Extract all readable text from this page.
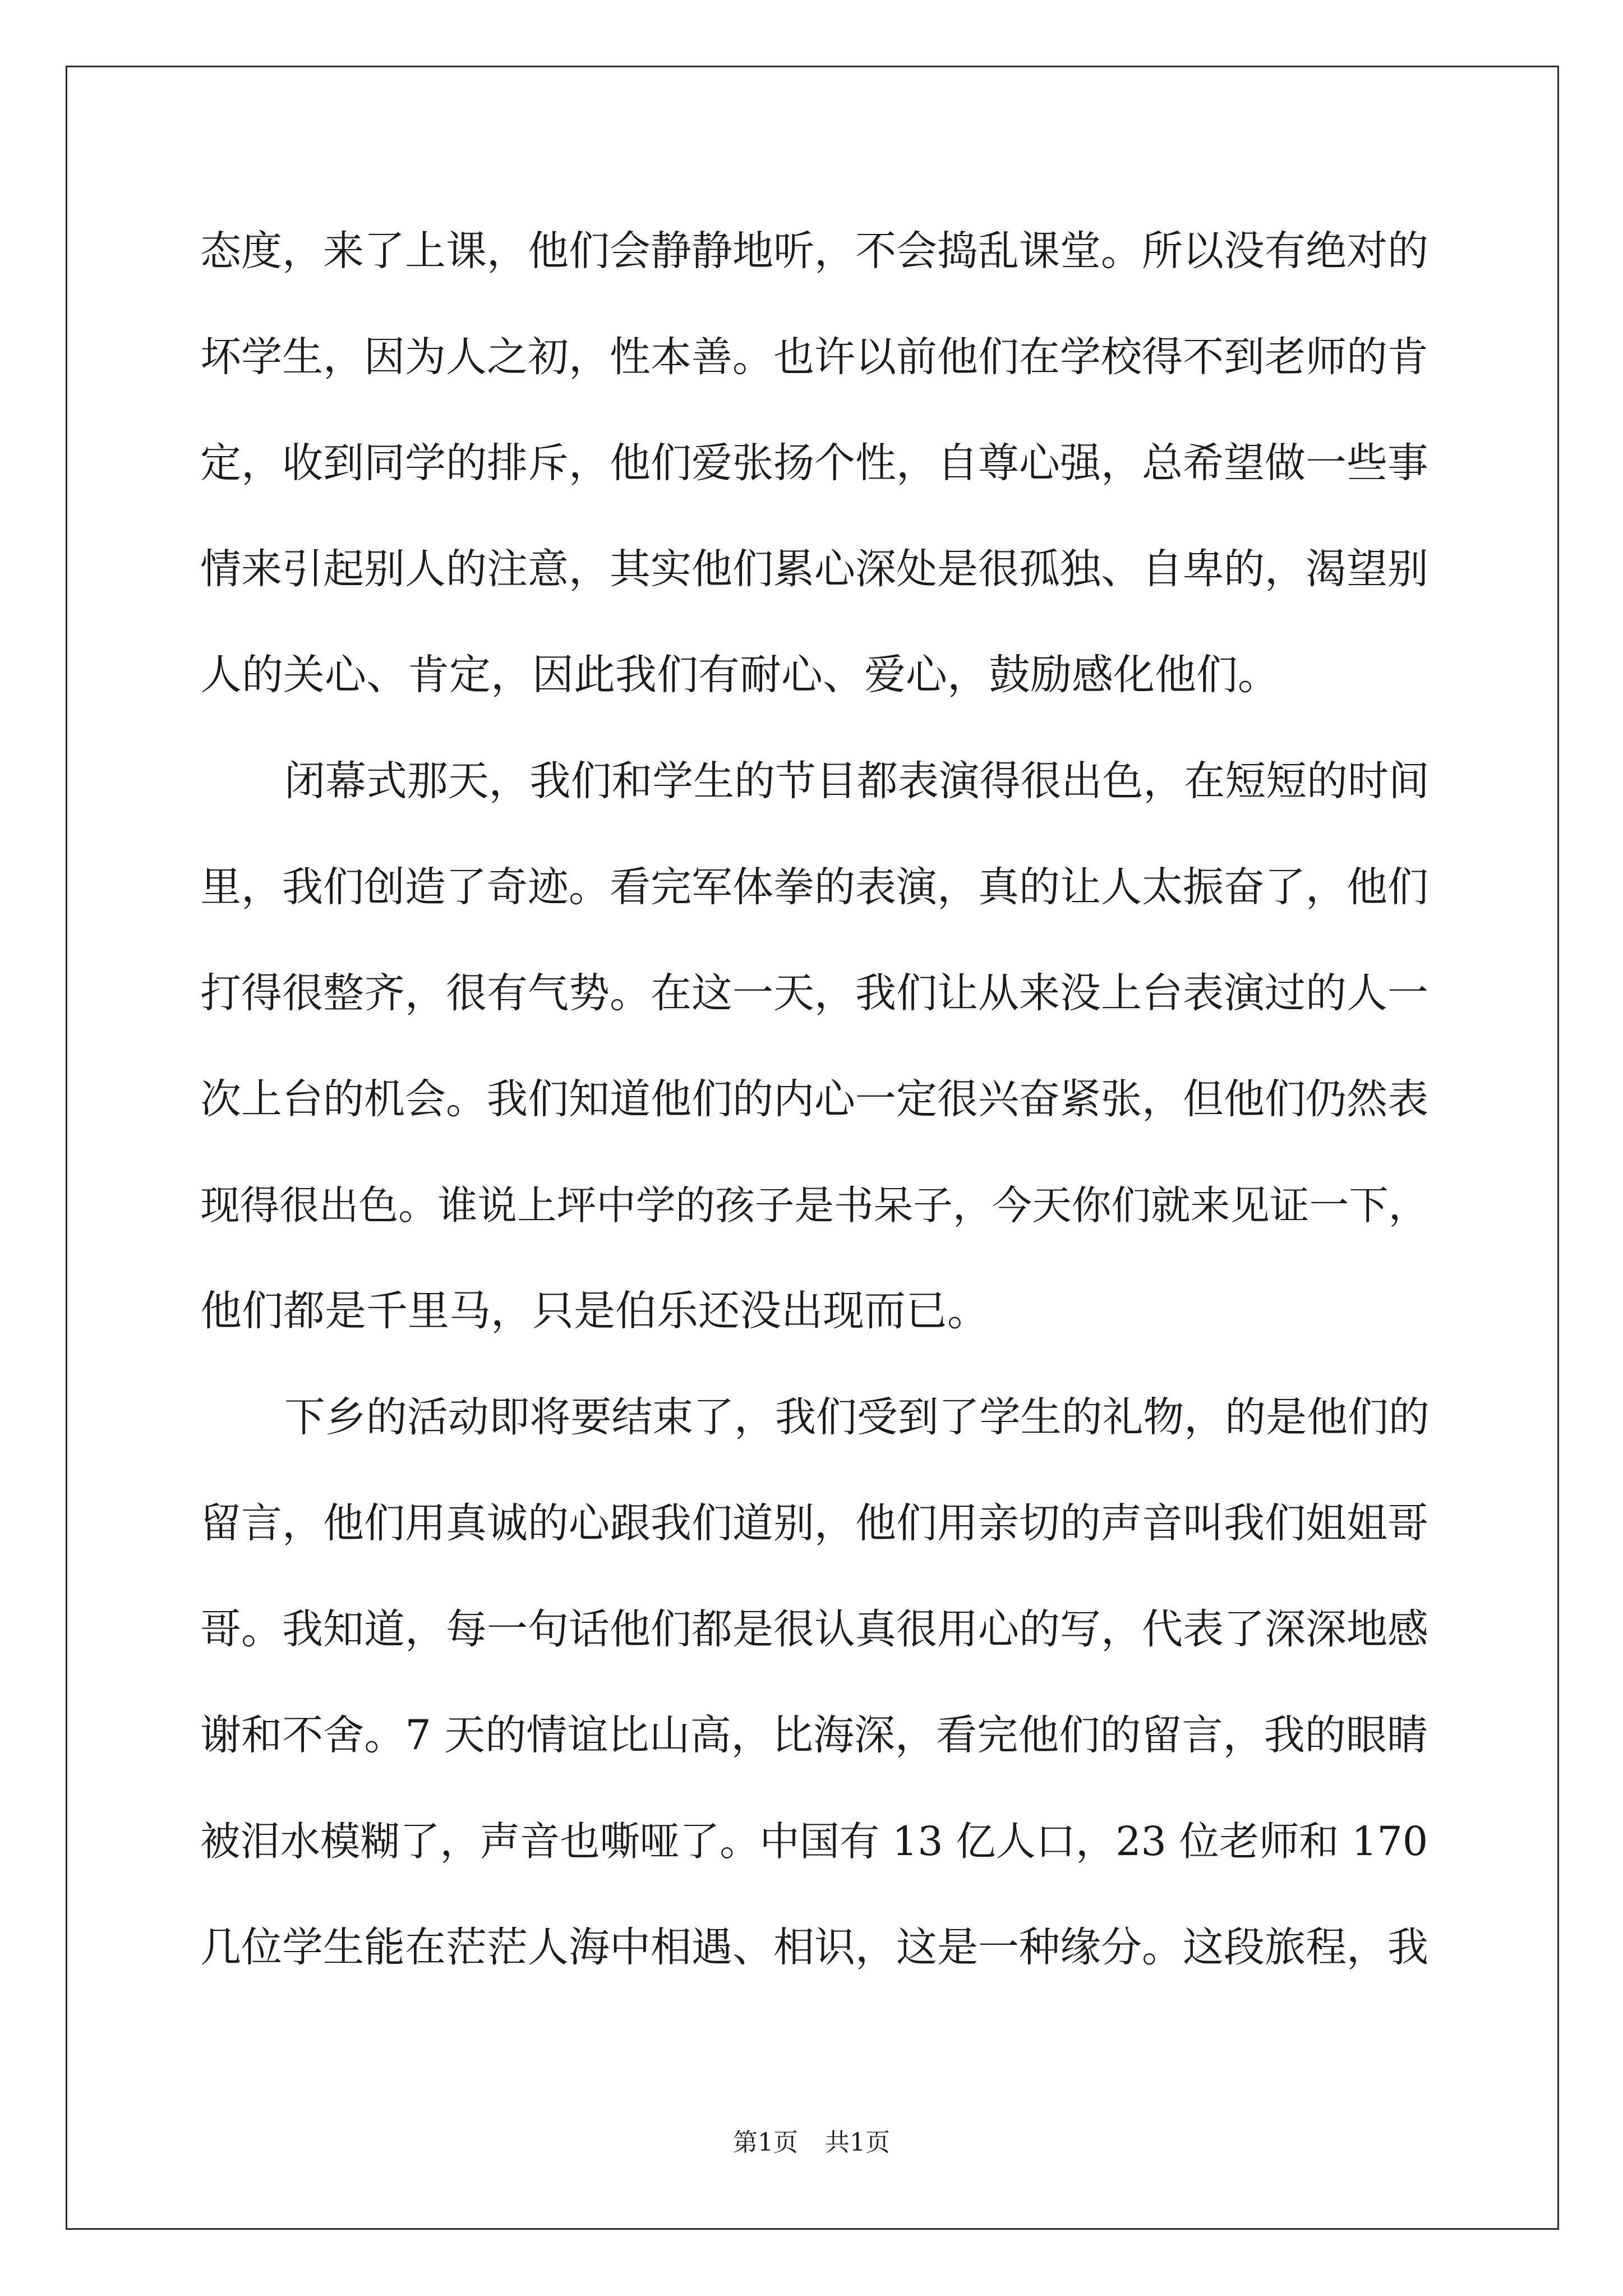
态度，来了上课，他们会静静地听，不会捣乱课堂。所以没有绝对的
坏学生，因为人之初，性本善。也许以前他们在学校得不到老师的肯
定，收到同学的排斥，他们爱张扬个性，自尊心强，总希望做一些事
情来引起别人的注意，其实他们累心深处是很孤独、自卑的，渴望别
人的关心、肯定，因此我们有耐心、爱心，鼓励感化他们。
闭幕式那天，我们和学生的节目都表演得很出色，在短短的时间
里，我们创造了奇迹。看完军体拳的表演，真的让人太振奋了，他们
打得很整齐，很有气势。在这一天，我们让从来没上台表演过的人一
次上台的机会。我们知道他们的内心一定很兴奋紧张，但他们仍然表
现得很出色。谁说上坪中学的孩子是书呆子，今天你们就来见证一下，
他们都是千里马，只是伯乐还没出现而已。
下乡的活动即将要结束了，我们受到了学生的礼物，的是他们的
留言，他们用真诚的心跟我们道别，他们用亲切的声音叫我们姐姐哥
哥。我知道，每一句话他们都是很认真很用心的写，代表了深深地感
谢和不舍。7 天的情谊比山高，比海深，看完他们的留言，我的眼睛
被泪水模糊了，声音也嘶哑了。中国有 13 亿人口，23 位老师和 170
几位学生能在茫茫人海中相遇、相识，这是一种缘分。这段旅程，我
第1页 共1页
